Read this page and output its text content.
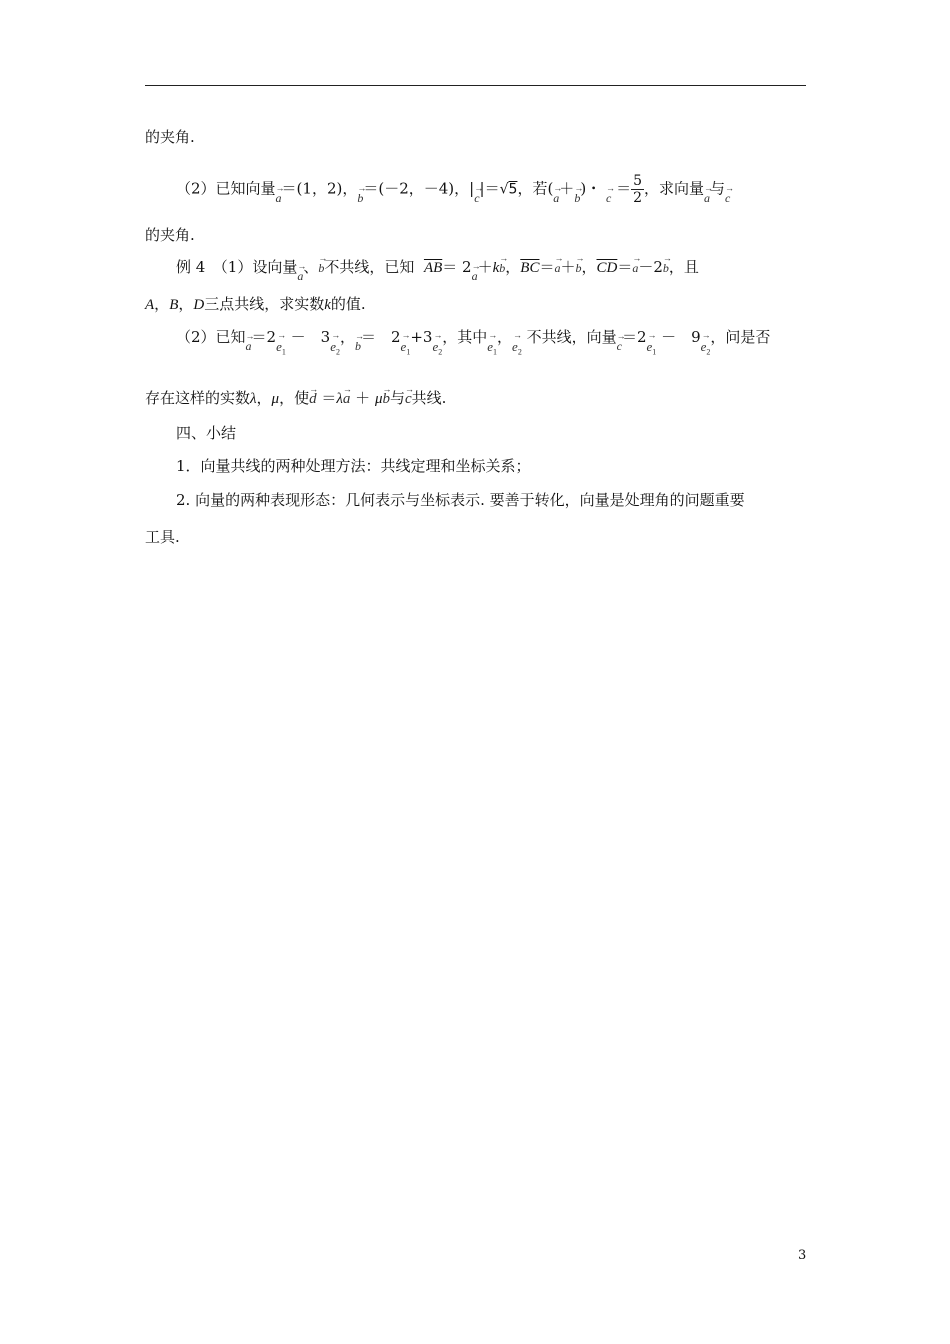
的夹角.
（2）已知向量→ a＝(1，2)，→ b＝(－2，－4)，|→ c|＝√5，若(→ a＋→ b)・ → $c = \frac{5}{2}$ ，求向量→ a与→ c
的夹角.
例 4　（1）设向量→ a、→ b不共线，已知 $\overline{AB}= 2\to a+k\to b$，$\overline{BC}=\to a+\to b$，$\overline{CD}=\to a-2\to b$，且
A，B，D三点共线，求实数k的值.
（2）已知→ $a=2\to e_1$ －　$3\to e_2$，→ b＝　$2\to e_1+3\to e_2$，其中→ $e_1$，→ $e_2$ 不共线，向量→ $c=2\to e_1$ －　$9\to e_2$，问是否
存在这样的实数λ，μ，使→ d ＝λ→ a ＋ μ→ b与→ c共线.
四、小结
1．向量共线的两种处理方法：共线定理和坐标关系；
2. 向量的两种表现形态：几何表示与坐标表示. 要善于转化，向量是处理角的问题重要
工具.
3
